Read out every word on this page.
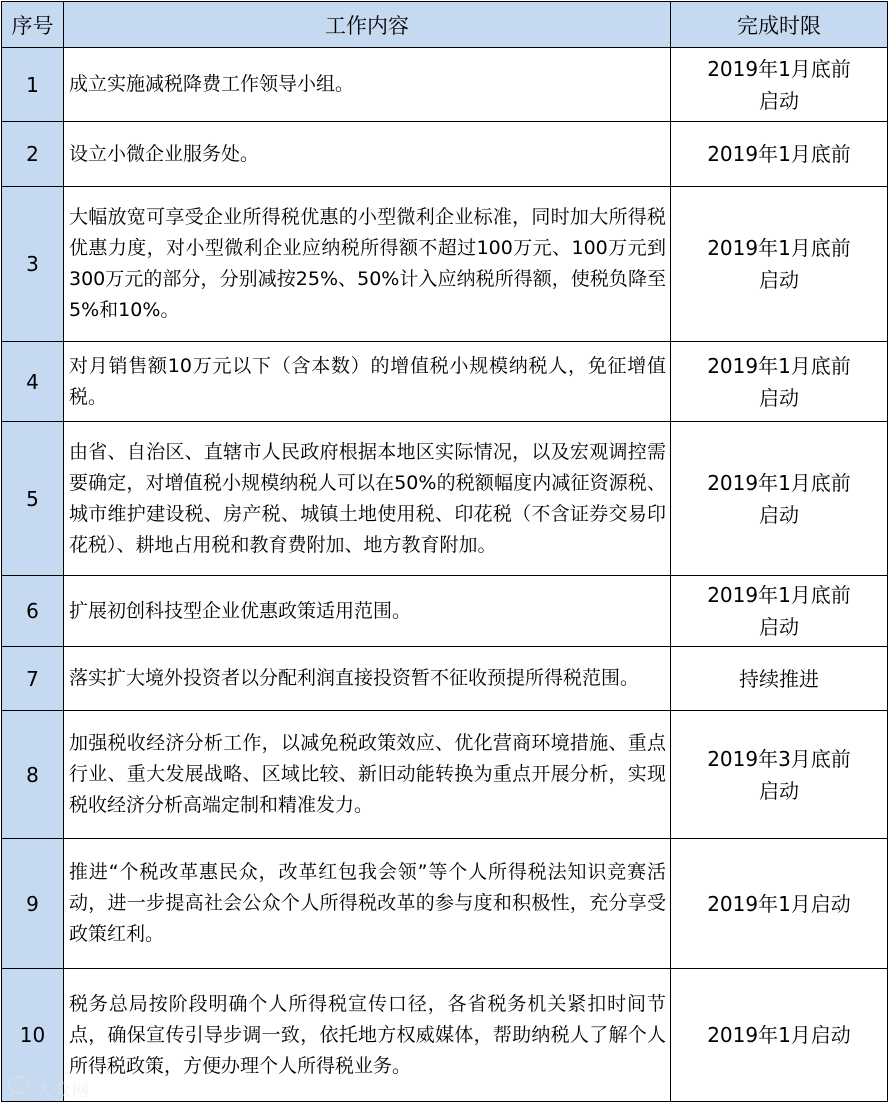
序号	工作内容	完成时限
1	成立实施减税降费工作领导小组。	2019年1月底前启动
2	设立小微企业服务处。	2019年1月底前
3	大幅放宽可享受企业所得税优惠的小型微利企业标准，同时加大所得税优惠力度，对小型微利企业应纳税所得额不超过100万元、100万元到300万元的部分，分别减按25%、50%计入应纳税所得额，使税负降至5%和10%。	2019年1月底前启动
4	对月销售额10万元以下（含本数）的增值税小规模纳税人，免征增值税。	2019年1月底前启动
5	由省、自治区、直辖市人民政府根据本地区实际情况，以及宏观调控需要确定，对增值税小规模纳税人可以在50%的税额幅度内减征资源税、城市维护建设税、房产税、城镇土地使用税、印花税（不含证券交易印花税）、耕地占用税和教育费附加、地方教育附加。	2019年1月底前启动
6	扩展初创科技型企业优惠政策适用范围。	2019年1月底前启动
7	落实扩大境外投资者以分配利润直接投资暂不征收预提所得税范围。	持续推进
8	加强税收经济分析工作，以减免税政策效应、优化营商环境措施、重点行业、重大发展战略、区域比较、新旧动能转换为重点开展分析，实现税收经济分析高端定制和精准发力。	2019年3月底前启动
9	推进“个税改革惠民众，改革红包我会领”等个人所得税法知识竞赛活动，进一步提高社会公众个人所得税改革的参与度和积极性，充分享受政策红利。	2019年1月启动
10	税务总局按阶段明确个人所得税宣传口径，各省税务机关紧扣时间节点，确保宣传引导步调一致，依托地方权威媒体，帮助纳税人了解个人所得税政策，方便办理个人所得税业务。	2019年1月启动
大众网
